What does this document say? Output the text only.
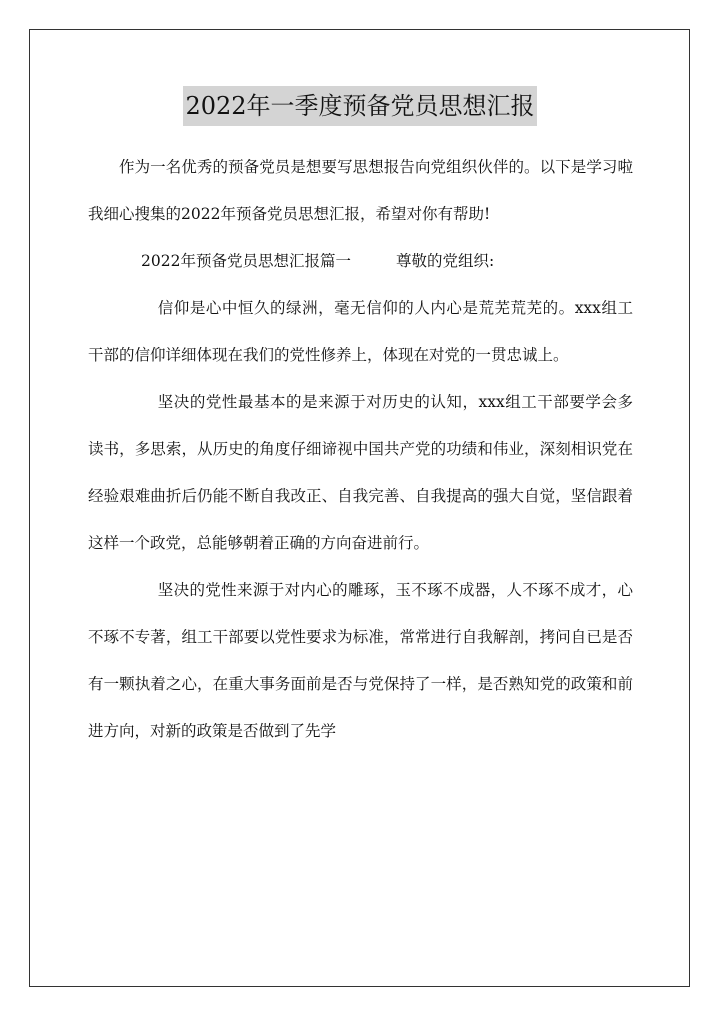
2022年一季度预备党员思想汇报

作为一名优秀的预备党员是想要写思想报告向党组织伙伴的。以下是学习啦我细心搜集的2022年预备党员思想汇报，希望对你有帮助!

2022年预备党员思想汇报篇一	尊敬的党组织:

信仰是心中恒久的绿洲，毫无信仰的人内心是荒芜荒芜的。xxx组工干部的信仰详细体现在我们的党性修养上，体现在对党的一贯忠诚上。

坚决的党性最基本的是来源于对历史的认知，xxx组工干部要学会多读书，多思索，从历史的角度仔细谛视中国共产党的功绩和伟业，深刻相识党在经验艰难曲折后仍能不断自我改正、自我完善、自我提高的强大自觉，坚信跟着这样一个政党，总能够朝着正确的方向奋进前行。

坚决的党性来源于对内心的雕琢，玉不琢不成器，人不琢不成才，心不琢不专著，组工干部要以党性要求为标准，常常进行自我解剖，拷问自已是否有一颗执着之心，在重大事务面前是否与党保持了一样，是否熟知党的政策和前进方向，对新的政策是否做到了先学
